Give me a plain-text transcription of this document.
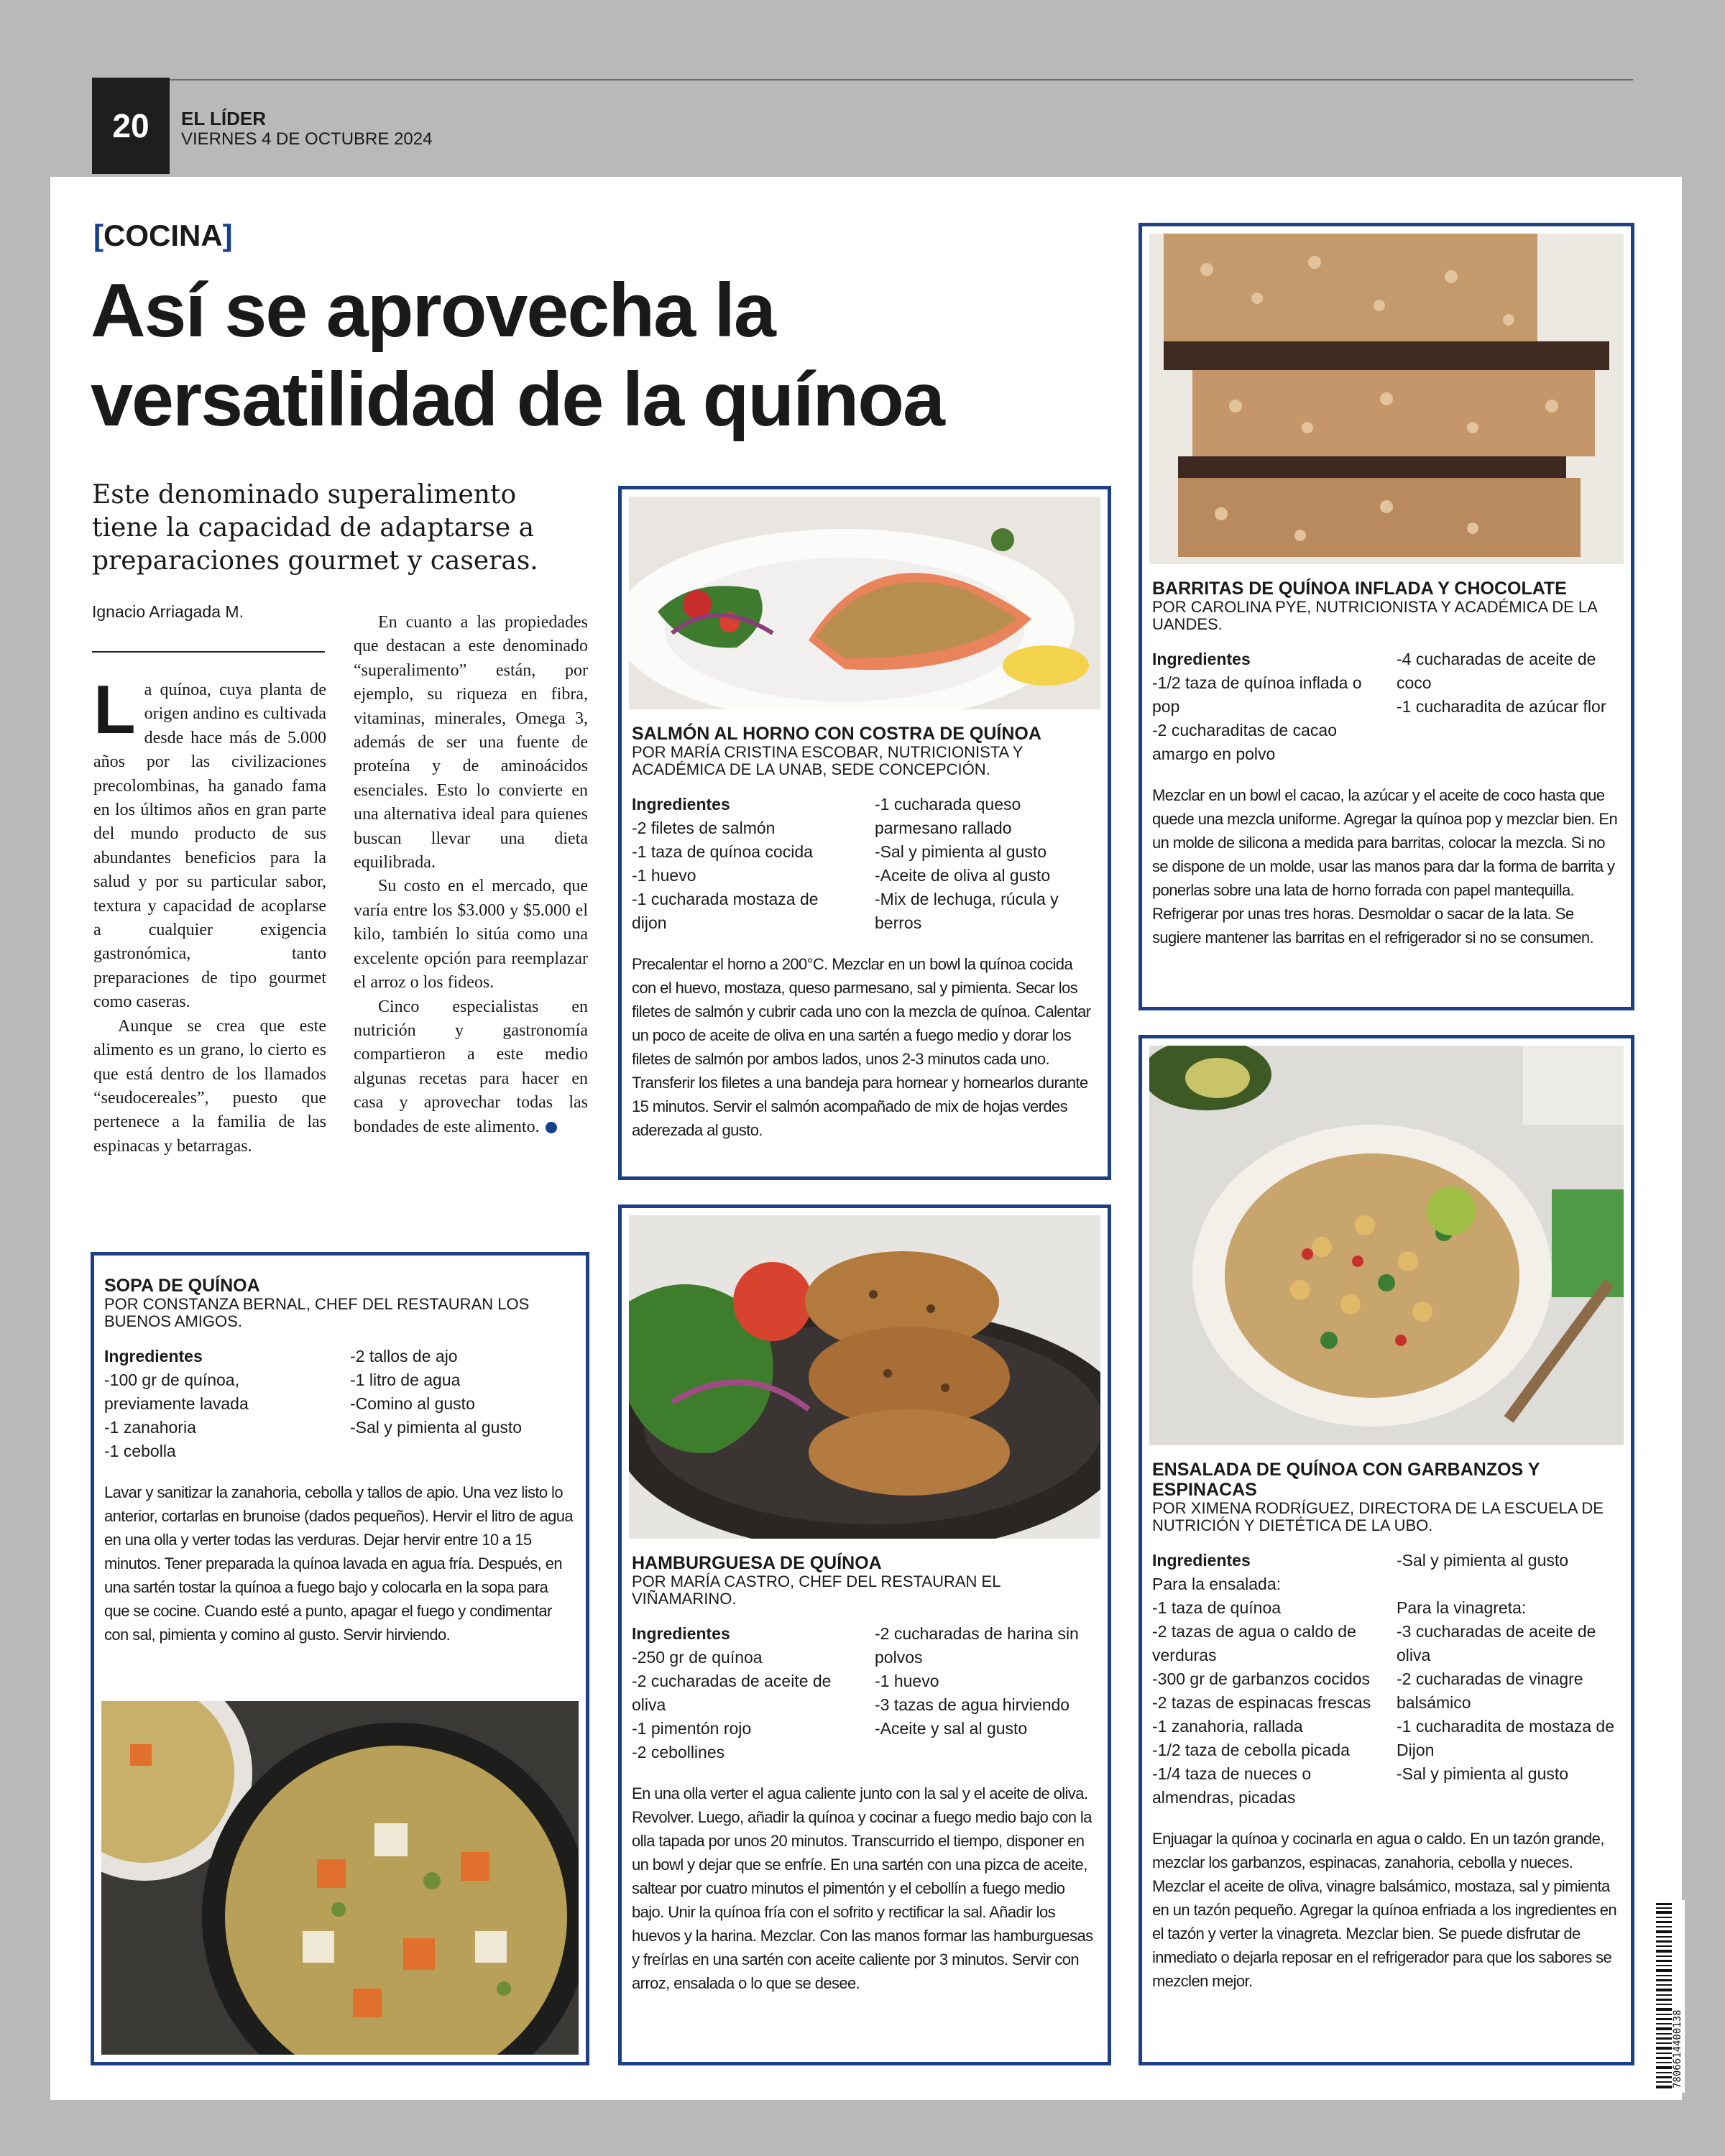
20	EL LÍDER
VIERNES 4 DE OCTUBRE 2024
[COCINA]
Así se aprovecha la versatilidad de la quínoa
Este denominado superalimento tiene la capacidad de adaptarse a preparaciones gourmet y caseras.
Ignacio Arriagada M.

La quínoa, cuya planta de origen andino es cultivada desde hace más de 5.000 años por las civilizaciones precolombinas, ha ganado fama en los últimos años en gran parte del mundo producto de sus abundantes beneficios para la salud y por su particular sabor, textura y capacidad de acoplarse a cualquier exigencia gastronómica, tanto preparaciones de tipo gourmet como caseras.

Aunque se crea que este alimento es un grano, lo cierto es que está dentro de los llamados “seudocereales”, puesto que pertenece a la familia de las espinacas y betarragas.

En cuanto a las propiedades que destacan a este denominado “superalimento” están, por ejemplo, su riqueza en fibra, vitaminas, minerales, Omega 3, además de ser una fuente de proteína y de aminoácidos esenciales. Esto lo convierte en una alternativa ideal para quienes buscan llevar una dieta equilibrada.

Su costo en el mercado, que varía entre los $3.000 y $5.000 el kilo, también lo sitúa como una excelente opción para reemplazar el arroz o los fideos.

Cinco especialistas en nutrición y gastronomía compartieron a este medio algunas recetas para hacer en casa y aprovechar todas las bondades de este alimento.

SALMÓN AL HORNO CON COSTRA DE QUÍNOA
POR MARÍA CRISTINA ESCOBAR, NUTRICIONISTA Y ACADÉMICA DE LA UNAB, SEDE CONCEPCIÓN.
Ingredientes
-2 filetes de salmón
-1 taza de quínoa cocida
-1 huevo
-1 cucharada mostaza de dijon
-1 cucharada queso parmesano rallado
-Sal y pimienta al gusto
-Aceite de oliva al gusto
-Mix de lechuga, rúcula y berros
Precalentar el horno a 200°C. Mezclar en un bowl la quínoa cocida con el huevo, mostaza, queso parmesano, sal y pimienta. Secar los filetes de salmón y cubrir cada uno con la mezcla de quínoa. Calentar un poco de aceite de oliva en una sartén a fuego medio y dorar los filetes de salmón por ambos lados, unos 2-3 minutos cada uno. Transferir los filetes a una bandeja para hornear y hornearlos durante 15 minutos. Servir el salmón acompañado de mix de hojas verdes aderezada al gusto.
BARRITAS DE QUÍNOA INFLADA Y CHOCOLATE
POR CAROLINA PYE, NUTRICIONISTA Y ACADÉMICA DE LA UANDES.
Ingredientes
-1/2 taza de quínoa inflada o pop
-2 cucharaditas de cacao amargo en polvo
-4 cucharadas de aceite de coco
-1 cucharadita de azúcar flor
Mezclar en un bowl el cacao, la azúcar y el aceite de coco hasta que quede una mezcla uniforme. Agregar la quínoa pop y mezclar bien. En un molde de silicona a medida para barritas, colocar la mezcla. Si no se dispone de un molde, usar las manos para dar la forma de barrita y ponerlas sobre una lata de horno forrada con papel mantequilla. Refrigerar por unas tres horas. Desmoldar o sacar de la lata. Se sugiere mantener las barritas en el refrigerador si no se consumen.
SOPA DE QUÍNOA
POR CONSTANZA BERNAL, CHEF DEL RESTAURAN LOS BUENOS AMIGOS.
Ingredientes
-100 gr de quínoa, previamente lavada
-1 zanahoria
-1 cebolla
-2 tallos de ajo
-1 litro de agua
-Comino al gusto
-Sal y pimienta al gusto
Lavar y sanitizar la zanahoria, cebolla y tallos de apio. Una vez listo lo anterior, cortarlas en brunoise (dados pequeños). Hervir el litro de agua en una olla y verter todas las verduras. Dejar hervir entre 10 a 15 minutos. Tener preparada la quínoa lavada en agua fría. Después, en una sartén tostar la quínoa a fuego bajo y colocarla en la sopa para que se cocine. Cuando esté a punto, apagar el fuego y condimentar con sal, pimienta y comino al gusto. Servir hirviendo.
HAMBURGUESA DE QUÍNOA
POR MARÍA CASTRO, CHEF DEL RESTAURAN EL VIÑAMARINO.
Ingredientes
-250 gr de quínoa
-2 cucharadas de aceite de oliva
-1 pimentón rojo
-2 cebollines
-2 cucharadas de harina sin polvos
-1 huevo
-3 tazas de agua hirviendo
-Aceite y sal al gusto
En una olla verter el agua caliente junto con la sal y el aceite de oliva. Revolver. Luego, añadir la quínoa y cocinar a fuego medio bajo con la olla tapada por unos 20 minutos. Transcurrido el tiempo, disponer en un bowl y dejar que se enfríe. En una sartén con una pizca de aceite, saltear por cuatro minutos el pimentón y el cebollín a fuego medio bajo. Unir la quínoa fría con el sofrito y rectificar la sal. Añadir los huevos y la harina. Mezclar. Con las manos formar las hamburguesas y freírlas en una sartén con aceite caliente por 3 minutos. Servir con arroz, ensalada o lo que se desee.
ENSALADA DE QUÍNOA CON GARBANZOS Y ESPINACAS
POR XIMENA RODRÍGUEZ, DIRECTORA DE LA ESCUELA DE NUTRICIÓN Y DIETÉTICA DE LA UBO.
Ingredientes
Para la ensalada:
-1 taza de quínoa
-2 tazas de agua o caldo de verduras
-300 gr de garbanzos cocidos
-2 tazas de espinacas frescas
-1 zanahoria, rallada
-1/2 taza de cebolla picada
-1/4 taza de nueces o almendras, picadas
-Sal y pimienta al gusto
Para la vinagreta:
-3 cucharadas de aceite de oliva
-2 cucharadas de vinagre balsámico
-1 cucharadita de mostaza de Dijon
-Sal y pimienta al gusto
Enjuagar la quínoa y cocinarla en agua o caldo. En un tazón grande, mezclar los garbanzos, espinacas, zanahoria, cebolla y nueces. Mezclar el aceite de oliva, vinagre balsámico, mostaza, sal y pimienta en un tazón pequeño. Agregar la quínoa enfriada a los ingredientes en el tazón y verter la vinagreta. Mezclar bien. Se puede disfrutar de inmediato o dejarla reposar en el refrigerador para que los sabores se mezclen mejor.
7806614400138
